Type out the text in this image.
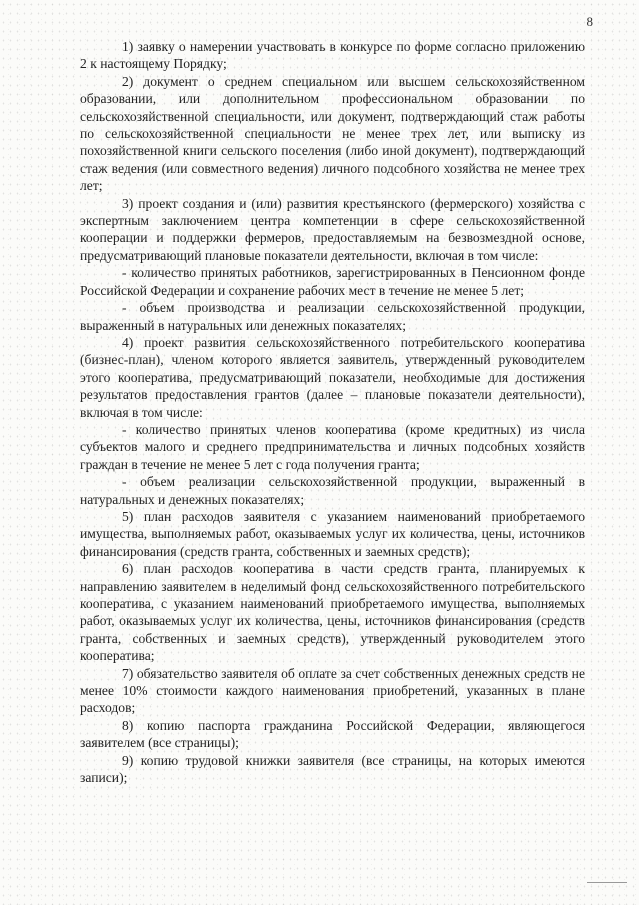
8

1) заявку о намерении участвовать в конкурсе по форме согласно приложению 2 к настоящему Порядку;

2) документ о среднем специальном или высшем сельскохозяйственном образовании, или дополнительном профессиональном образовании по сельскохозяйственной специальности, или документ, подтверждающий стаж работы по сельскохозяйственной специальности не менее трех лет, или выписку из похозяйственной книги сельского поселения (либо иной документ), подтверждающий стаж ведения (или совместного ведения) личного подсобного хозяйства не менее трех лет;

3) проект создания и (или) развития крестьянского (фермерского) хозяйства с экспертным заключением центра компетенции в сфере сельскохозяйственной кооперации и поддержки фермеров, предоставляемым на безвозмездной основе, предусматривающий плановые показатели деятельности, включая в том числе:

- количество принятых работников, зарегистрированных в Пенсионном фонде Российской Федерации и сохранение рабочих мест в течение не менее 5 лет;

- объем производства и реализации сельскохозяйственной продукции, выраженный в натуральных или денежных показателях;

4) проект развития сельскохозяйственного потребительского кооператива (бизнес-план), членом которого является заявитель, утвержденный руководителем этого кооператива, предусматривающий показатели, необходимые для достижения результатов предоставления грантов (далее – плановые показатели деятельности), включая в том числе:

- количество принятых членов кооператива (кроме кредитных) из числа субъектов малого и среднего предпринимательства и личных подсобных хозяйств граждан в течение не менее 5 лет с года получения гранта;

- объем реализации сельскохозяйственной продукции, выраженный в натуральных и денежных показателях;

5) план расходов заявителя с указанием наименований приобретаемого имущества, выполняемых работ, оказываемых услуг их количества, цены, источников финансирования (средств гранта, собственных и заемных средств);

6) план расходов кооператива в части средств гранта, планируемых к направлению заявителем в неделимый фонд сельскохозяйственного потребительского кооператива, с указанием наименований приобретаемого имущества, выполняемых работ, оказываемых услуг их количества, цены, источников финансирования (средств гранта, собственных и заемных средств), утвержденный руководителем этого кооператива;

7) обязательство заявителя об оплате за счет собственных денежных средств не менее 10% стоимости каждого наименования приобретений, указанных в плане расходов;

8) копию паспорта гражданина Российской Федерации, являющегося заявителем (все страницы);

9) копию трудовой книжки заявителя (все страницы, на которых имеются записи);
